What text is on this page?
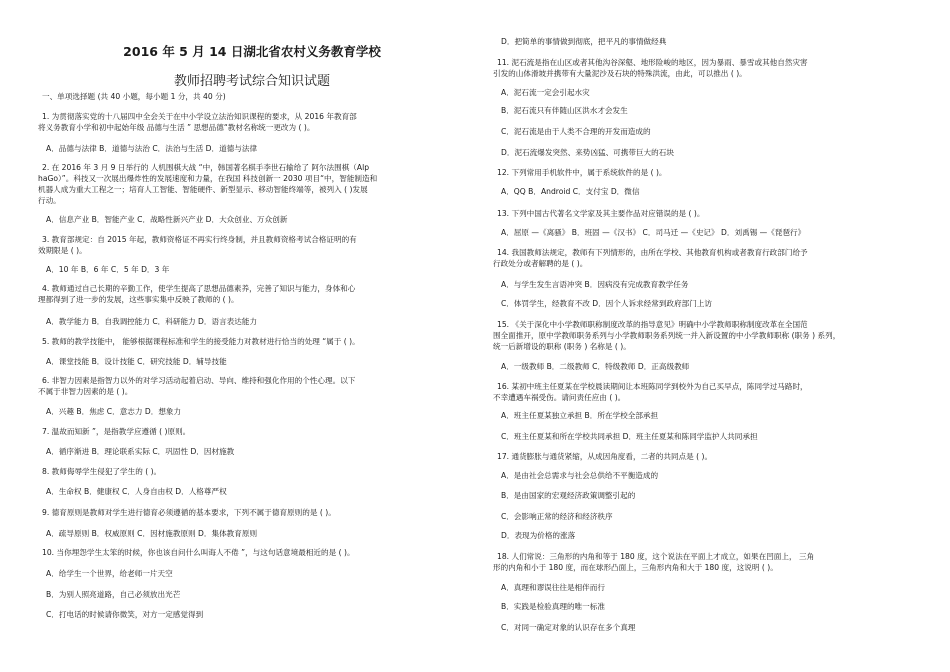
2016 年 5 月 14 日湖北省农村义务教育学校
教师招聘考试综合知识试题
一、单项选择题 (共 40 小题，每小题 1 分，共 40 分)
1. 为贯彻落实党的十八届四中全会关于在中小学设立法治知识课程的要求，从 2016 年教育部
将义务教育小学和初中起始年级 品德与生活 ” 思想品德“教材名称统一更改为 ( )。
A．品德与法律 B．道德与法治 C．法治与生活 D．道德与法律
2. 在 2016 年 3 月 9 日举行的 人机围棋大战 “中，韩国著名棋手李世石输给了 阿尔法围棋（Alp
haGo）”。科技又一次展出爆炸性的发展速度和力量，在我国 科技创新一 2030 项目“中，智能制造和
机器人成为重大工程之一；培育人工智能、智能硬件、新型显示、移动智能终端等，被列入 ( )发展
行动。
A．信息产业 B．智能产业 C．战略性新兴产业 D．大众创业、万众创新
3. 教育部规定：自 2015 年起，教师资格证不再实行终身制，并且教师资格考试合格证明的有
效期限是 ( )。
A．10 年 B．6 年 C．5 年 D．3 年
4. 教师通过自己长期的辛勤工作，使学生提高了思想品德素养，完善了知识与能力，身体和心
理都得到了进一步的发展，这些事实集中反映了教师的 ( )。
A．教学能力 B．自我调控能力 C．科研能力 D．语言表达能力
5. 教师的教学技能中， 能够根据课程标准和学生的接受能力对教材进行恰当的处理 “属于 ( )。
A．课堂技能 B．设计技能 C．研究技能 D．辅导技能
6. 非智力因素是指智力以外的对学习活动起着启动、导向、维持和强化作用的个性心理。以下
不属于非智力因素的是 ( )。
A．兴趣 B．焦虑 C．意志力 D．想象力
7. 温故而知新 ”，是指教学应遵循 ( )原则。
A．循序渐进 B．理论联系实际 C．巩固性 D．因材施教
8. 教师侮辱学生侵犯了学生的 ( )。
A．生命权 B．健康权 C．人身自由权 D．人格尊严权
9. 德育原则是教师对学生进行德育必须遵循的基本要求，下列不属于德育原则的是 ( )。
A．疏导原则 B．权威原则 C．因材施教原则 D．集体教育原则
10. 当你埋怨学生太笨的时候，你也该自问什么叫诲人不倦 ”，与这句话意境最相近的是 ( )。
A．给学生一个世界，给老师一片天空
B．为别人照亮道路，自己必须放出光芒
C．打电话的时候请你微笑，对方一定感觉得到
D．把简单的事情做到彻底，把平凡的事情做经典
11. 泥石流是指在山区或者其他沟谷深壑、地形险峻的地区，因为暴雨、暴雪或其他自然灾害
引发的山体滑坡并携带有大量泥沙及石块的特殊洪流，由此，可以推出 ( )。
A．泥石流一定会引起水灾
B．泥石流只有伴随山区洪水才会发生
C．泥石流是由于人类不合理的开发而造成的
D．泥石流爆发突然、来势凶猛、可携带巨大的石块
12. 下列常用手机软件中，属于系统软件的是 ( )。
A．QQ B．Android C．支付宝 D．微信
13. 下列中国古代著名文学家及其主要作品对应错误的是 ( )。
A．屈原 —《离骚》 B．班固 —《汉书》 C．司马迁 —《史记》 D．刘禹锡 —《琵琶行》
14. 我国教师法规定，教师有下列情形的，由所在学校、其他教育机构或者教育行政部门给予
行政处分或者解聘的是 ( )。
A．与学生发生言语冲突 B．因病没有完成教育教学任务
C．体罚学生，经教育不改 D．因个人诉求经常到政府部门上访
15. 《关于深化中小学教师职称制度改革的指导意见》明确中小学教师职称制度改革在全国范
围全面推开，原中学教师职务系列与小学教师职务系列统一并入新设置的中小学教师职称 (职务 ) 系列，
统一后新增设的职称 (职务 ) 名称是 ( )。
A．一级教师 B．二级教师 C．特级教师 D．正高级教师
16. 某初中班主任夏某在学校晨读期间让本班陈同学到校外为自己买早点，陈同学过马路时，
不幸遭遇车祸受伤。请问责任应由 ( )。
A．班主任夏某独立承担 B．所在学校全部承担
C．班主任夏某和所在学校共同承担 D．班主任夏某和陈同学监护人共同承担
17. 通货膨胀与通货紧缩，从成因角度看，二者的共同点是 ( )。
A．是由社会总需求与社会总供给不平衡造成的
B．是由国家的宏观经济政策调整引起的
C．会影响正常的经济和经济秩序
D．表现为价格的涨落
18. 人们常说：三角形的内角和等于 180 度，这个说法在平面上才成立，如果在凹面上， 三角
形的内角和小于 180 度，而在球形凸面上，三角形内角和大于 180 度，这说明 ( )。
A．真理和谬误往往是相伴而行
B．实践是检验真理的唯一标准
C．对同一确定对象的认识存在多个真理
